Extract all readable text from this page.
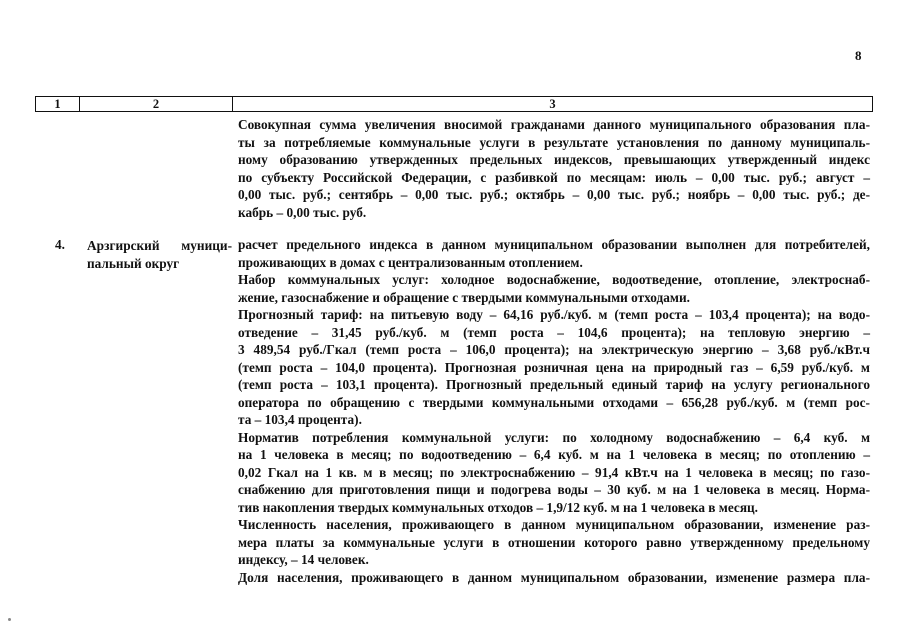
8
1	2	3
Совокупная сумма увеличения вносимой гражданами данного муниципального образования пла-
ты за потребляемые коммунальные услуги в результате установления по данному муниципаль-
ному образованию утвержденных предельных индексов, превышающих утвержденный индекс
по субъекту Российской Федерации, с разбивкой по месяцам: июль – 0,00 тыс. руб.; август –
0,00 тыс. руб.; сентябрь – 0,00 тыс. руб.; октябрь – 0,00 тыс. руб.; ноябрь – 0,00 тыс. руб.; де-
кабрь – 0,00 тыс. руб.
4. Арзгирский муници-
пальный округ
расчет предельного индекса в данном муниципальном образовании выполнен для потребителей,
проживающих в домах с централизованным отоплением.
Набор коммунальных услуг: холодное водоснабжение, водоотведение, отопление, электроснаб-
жение, газоснабжение и обращение с твердыми коммунальными отходами.
Прогнозный тариф: на питьевую воду – 64,16 руб./куб. м (темп роста – 103,4 процента); на водо-
отведение – 31,45 руб./куб. м (темп роста – 104,6 процента); на тепловую энергию –
3 489,54 руб./Гкал (темп роста – 106,0 процента); на электрическую энергию – 3,68 руб./кВт.ч
(темп роста – 104,0 процента). Прогнозная розничная цена на природный газ – 6,59 руб./куб. м
(темп роста – 103,1 процента). Прогнозный предельный единый тариф на услугу регионального
оператора по обращению с твердыми коммунальными отходами – 656,28 руб./куб. м (темп рос-
та – 103,4 процента).
Норматив потребления коммунальной услуги: по холодному водоснабжению – 6,4 куб. м
на 1 человека в месяц; по водоотведению – 6,4 куб. м на 1 человека в месяц; по отоплению –
0,02 Гкал на 1 кв. м в месяц; по электроснабжению – 91,4 кВт.ч на 1 человека в месяц; по газо-
снабжению для приготовления пищи и подогрева воды – 30 куб. м на 1 человека в месяц. Норма-
тив накопления твердых коммунальных отходов – 1,9/12 куб. м на 1 человека в месяц.
Численность населения, проживающего в данном муниципальном образовании, изменение раз-
мера платы за коммунальные услуги в отношении которого равно утвержденному предельному
индексу, – 14 человек.
Доля населения, проживающего в данном муниципальном образовании, изменение размера пла-
